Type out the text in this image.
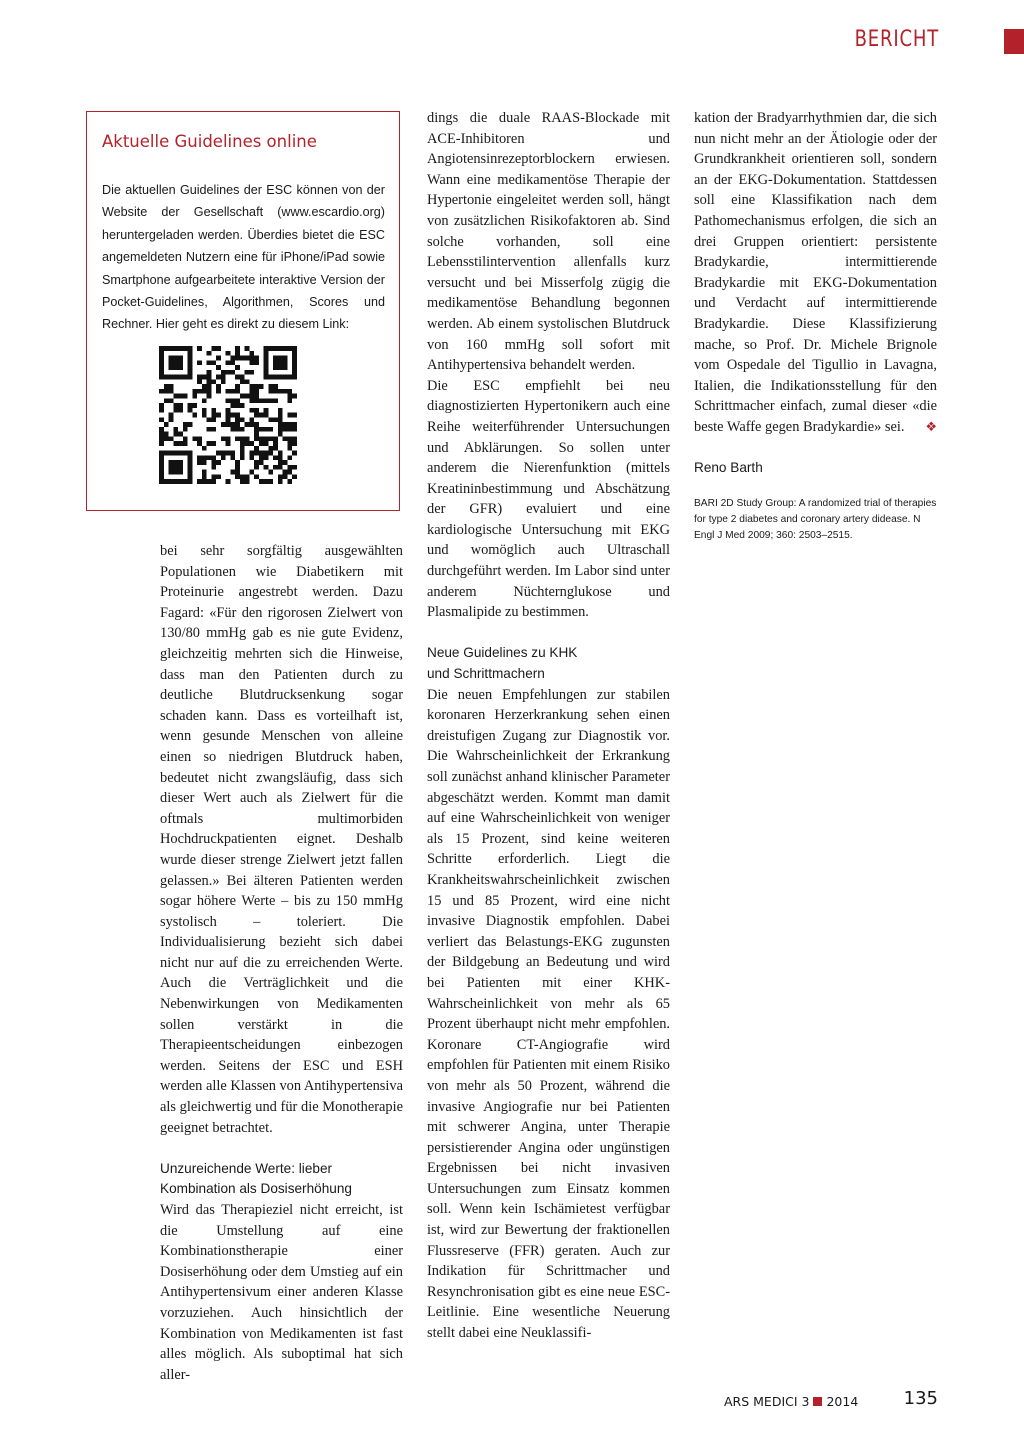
BERICHT
Aktuelle Guidelines online

Die aktuellen Guidelines der ESC können von der Website der Gesellschaft (www.escardio.org) heruntergeladen werden. Überdies bietet die ESC angemeldeten Nutzern eine für iPhone/iPad sowie Smartphone aufgearbeitete interaktive Version der Pocket-Guidelines, Algorithmen, Scores und Rechner. Hier geht es direkt zu diesem Link:

bei sehr sorgfältig ausgewählten Populationen wie Diabetikern mit Proteinurie angestrebt werden. Dazu Fagard: «Für den rigorosen Zielwert von 130/80 mmHg gab es nie gute Evidenz, gleichzeitig mehrten sich die Hinweise, dass man den Patienten durch zu deutliche Blutdrucksenkung sogar schaden kann. Dass es vorteilhaft ist, wenn gesunde Menschen von alleine einen so niedrigen Blutdruck haben, bedeutet nicht zwangsläufig, dass sich dieser Wert auch als Zielwert für die oftmals multimorbiden Hochdruckpatienten eignet. Deshalb wurde dieser strenge Zielwert jetzt fallen gelassen.» Bei älteren Patienten werden sogar höhere Werte – bis zu 150 mmHg systolisch – toleriert. Die Individualisierung bezieht sich dabei nicht nur auf die zu erreichenden Werte. Auch die Verträglichkeit und die Nebenwirkungen von Medikamenten sollen verstärkt in die Therapieentscheidungen einbezogen werden. Seitens der ESC und ESH werden alle Klassen von Antihypertensiva als gleichwertig und für die Monotherapie geeignet betrachtet.

Unzureichende Werte: lieber
Kombination als Dosiserhöhung

Wird das Therapieziel nicht erreicht, ist die Umstellung auf eine Kombinationstherapie einer Dosiserhöhung oder dem Umstieg auf ein Antihypertensivum einer anderen Klasse vorzuziehen. Auch hinsichtlich der Kombination von Medikamenten ist fast alles möglich. Als suboptimal hat sich aller-

dings die duale RAAS-Blockade mit ACE-Inhibitoren und Angiotensinrezeptorblockern erwiesen. Wann eine medikamentöse Therapie der Hypertonie eingeleitet werden soll, hängt von zusätzlichen Risikofaktoren ab. Sind solche vorhanden, soll eine Lebensstilintervention allenfalls kurz versucht und bei Misserfolg zügig die medikamentöse Behandlung begonnen werden. Ab einem systolischen Blutdruck von 160 mmHg soll sofort mit Antihypertensiva behandelt werden.

Die ESC empfiehlt bei neu diagnostizierten Hypertonikern auch eine Reihe weiterführender Untersuchungen und Abklärungen. So sollen unter anderem die Nierenfunktion (mittels Kreatininbestimmung und Abschätzung der GFR) evaluiert und eine kardiologische Untersuchung mit EKG und womöglich auch Ultraschall durchgeführt werden. Im Labor sind unter anderem Nüchternglukose und Plasmalipide zu bestimmen.

Neue Guidelines zu KHK
und Schrittmachern

Die neuen Empfehlungen zur stabilen koronaren Herzerkrankung sehen einen dreistufigen Zugang zur Diagnostik vor. Die Wahrscheinlichkeit der Erkrankung soll zunächst anhand klinischer Parameter abgeschätzt werden. Kommt man damit auf eine Wahrscheinlichkeit von weniger als 15 Prozent, sind keine weiteren Schritte erforderlich. Liegt die Krankheitswahrscheinlichkeit zwischen 15 und 85 Prozent, wird eine nicht invasive Diagnostik empfohlen. Dabei verliert das Belastungs-EKG zugunsten der Bildgebung an Bedeutung und wird bei Patienten mit einer KHK-Wahrscheinlichkeit von mehr als 65 Prozent überhaupt nicht mehr empfohlen. Koronare CT-Angiografie wird empfohlen für Patienten mit einem Risiko von mehr als 50 Prozent, während die invasive Angiografie nur bei Patienten mit schwerer Angina, unter Therapie persistierender Angina oder ungünstigen Ergebnissen bei nicht invasiven Untersuchungen zum Einsatz kommen soll. Wenn kein Ischämietest verfügbar ist, wird zur Bewertung der fraktionellen Flussreserve (FFR) geraten. Auch zur Indikation für Schrittmacher und Resynchronisation gibt es eine neue ESC-Leitlinie. Eine wesentliche Neuerung stellt dabei eine Neuklassifi-

kation der Bradyarrhythmien dar, die sich nun nicht mehr an der Ätiologie oder der Grundkrankheit orientieren soll, sondern an der EKG-Dokumentation. Stattdessen soll eine Klassifikation nach dem Pathomechanismus erfolgen, die sich an drei Gruppen orientiert: persistente Bradykardie, intermittierende Bradykardie mit EKG-Dokumentation und Verdacht auf intermittierende Bradykardie. Diese Klassifizierung mache, so Prof. Dr. Michele Brignole vom Ospedale del Tigullio in Lavagna, Italien, die Indikationsstellung für den Schrittmacher einfach, zumal dieser «die beste Waffe gegen Bradykardie» sei. ❖

Reno Barth
BARI 2D Study Group: A randomized trial of therapies for type 2 diabetes and coronary artery didease. N Engl J Med 2009; 360: 2503–2515.
ARS MEDICI 3 2014	135
